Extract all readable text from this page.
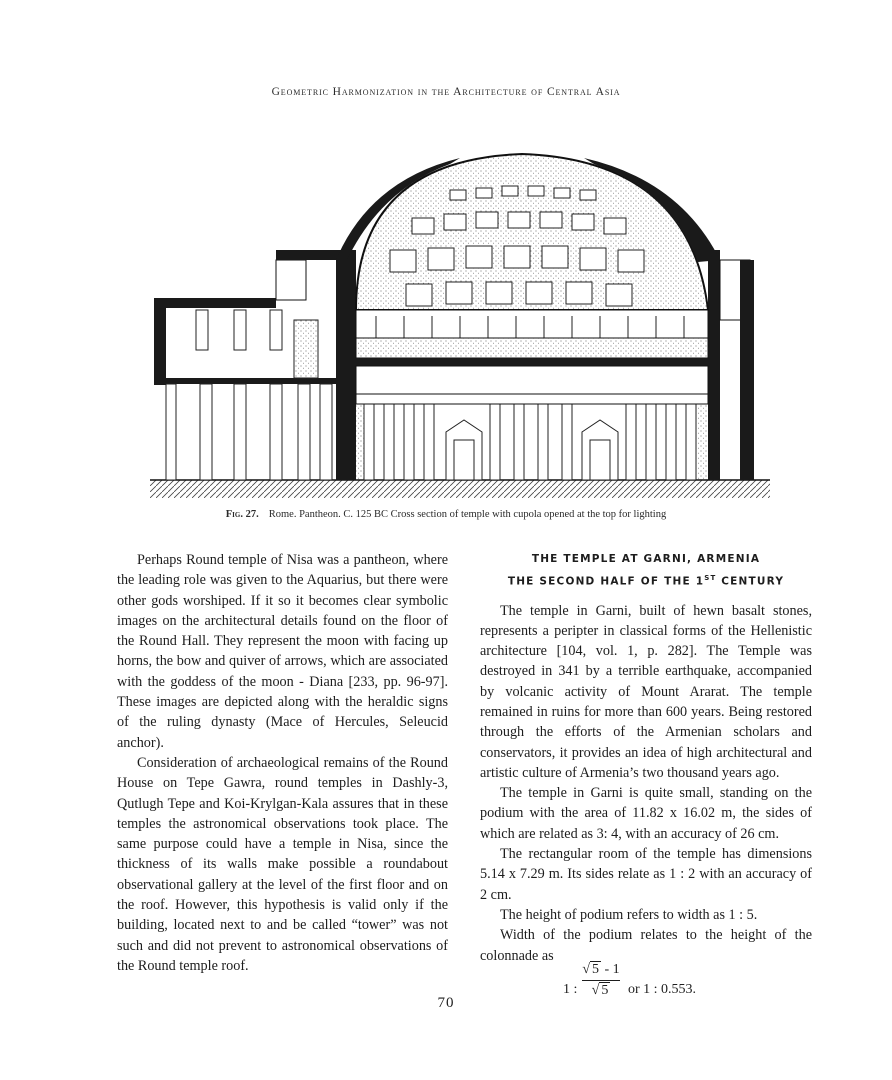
Geometric Harmonization in the Architecture of Central Asia
Fig. 27. Rome. Pantheon. C. 125 BC Cross section of temple with cupola opened at the top for lighting

Perhaps Round temple of Nisa was a pantheon, where the leading role was given to the Aquarius, but there were other gods worshiped. If it so it becomes clear symbolic images on the architectural details found on the floor of the Round Hall. They represent the moon with facing up horns, the bow and quiver of arrows, which are associated with the goddess of the moon - Diana [233, pp. 96-97]. These images are depicted along with the heraldic signs of the ruling dynasty (Mace of Hercules, Seleucid anchor).

Consideration of archaeological remains of the Round House on Tepe Gawra, round temples in Dashly-3, Qutlugh Tepe and Koi-Krylgan-Kala assures that in these temples the astronomical observations took place. The same purpose could have a temple in Nisa, since the thickness of its walls make possible a roundabout observational gallery at the level of the first floor and on the roof. However, this hypothesis is valid only if the building, located next to and be called “tower” was not such and did not prevent to astronomical observations of the Round temple roof.

THE TEMPLE AT GARNI, ARMENIA
THE SECOND HALF OF THE 1ST CENTURY

The temple in Garni, built of hewn basalt stones, represents a peripter in classical forms of the Hellenistic architecture [104, vol. 1, p. 282]. The Temple was destroyed in 341 by a terrible earthquake, accompanied by volcanic activity of Mount Ararat. The temple remained in ruins for more than 600 years. Being restored through the efforts of the Armenian scholars and conservators, it provides an idea of high architectural and artistic culture of Armenia’s two thousand years ago.

The temple in Garni is quite small, standing on the podium with the area of 11.82 x 16.02 m, the sides of which are related as 3: 4, with an accuracy of 26 cm.

The rectangular room of the temple has dimensions 5.14 x 7.29 m. Its sides relate as 1 : 2 with an accuracy of 2 cm.

The height of podium refers to width as 1 : 5.

Width of the podium relates to the height of the colonnade as

1 :
√ 5 - 1
√ 5	or 1 : 0.553.
70
